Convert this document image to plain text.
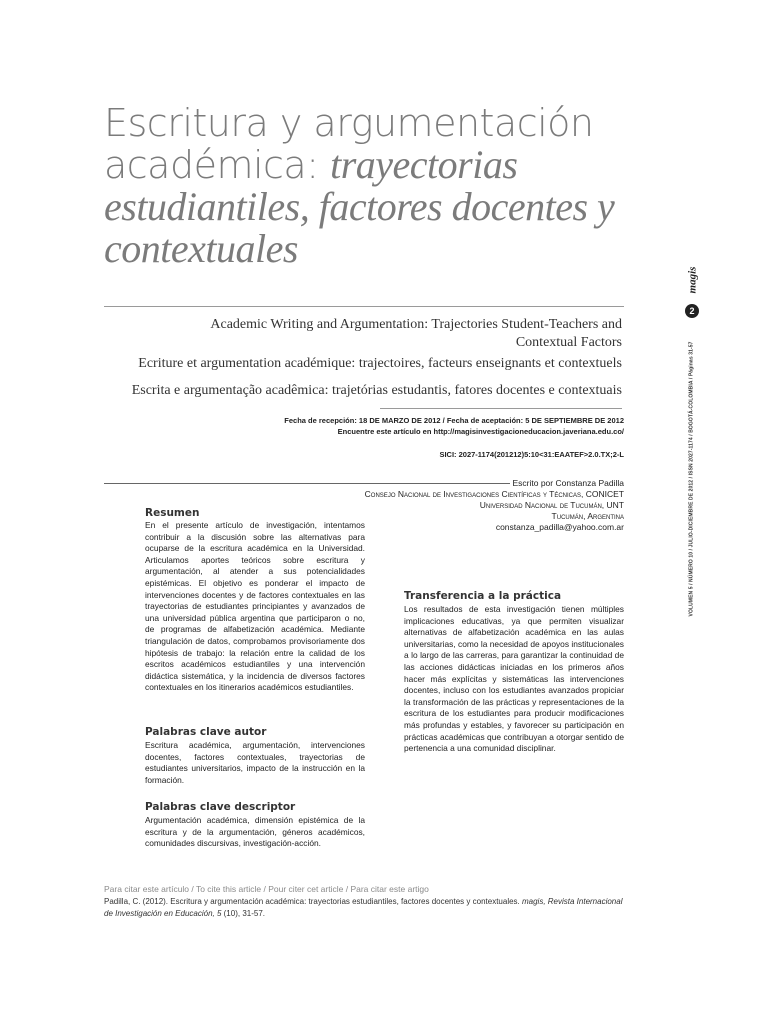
Escritura y argumentación académica: trayectorias estudiantiles, factores docentes y contextuales
Academic Writing and Argumentation: Trajectories Student-Teachers and Contextual Factors
Ecriture et argumentation académique: trajectoires, facteurs enseignants et contextuels
Escrita e argumentação acadêmica: trajetórias estudantis, fatores docentes e contextuais
Fecha de recepción: 18 DE MARZO DE 2012 / Fecha de aceptación: 5 DE SEPTIEMBRE DE 2012
Encuentre este artículo en http://magisinvestigacioneducacion.javeriana.edu.co/
SICI: 2027-1174(201212)5:10<31:EAATEF>2.0.TX;2-L
Escrito por Constanza Padilla
Consejo Nacional de Investigaciones Científicas y Técnicas, CONICET
Universidad Nacional de Tucumán, UNT
Tucumán, Argentina
constanza_padilla@yahoo.com.ar
Resumen
En el presente artículo de investigación, intentamos contribuir a la discusión sobre las alternativas para ocuparse de la escritura académica en la Universidad. Articulamos aportes teóricos sobre escritura y argumentación, al atender a sus potencialidades epistémicas. El objetivo es ponderar el impacto de intervenciones docentes y de factores contextuales en las trayectorias de estudiantes principiantes y avanzados de una universidad pública argentina que participaron o no, de programas de alfabetización académica. Mediante triangulación de datos, comprobamos provisoriamente dos hipótesis de trabajo: la relación entre la calidad de los escritos académicos estudiantiles y una intervención didáctica sistemática, y la incidencia de diversos factores contextuales en los itinerarios académicos estudiantiles.
Palabras clave autor
Escritura académica, argumentación, intervenciones docentes, factores contextuales, trayectorias de estudiantes universitarios, impacto de la instrucción en la formación.
Palabras clave descriptor
Argumentación académica, dimensión epistémica de la escritura y de la argumentación, géneros académicos, comunidades discursivas, investigación-acción.
Transferencia a la práctica
Los resultados de esta investigación tienen múltiples implicaciones educativas, ya que permiten visualizar alternativas de alfabetización académica en las aulas universitarias, como la necesidad de apoyos institucionales a lo largo de las carreras, para garantizar la continuidad de las acciones didácticas iniciadas en los primeros años hacer más explícitas y sistemáticas las intervenciones docentes, incluso con los estudiantes avanzados propiciar la transformación de las prácticas y representaciones de la escritura de los estudiantes para producir modificaciones más profundas y estables, y favorecer su participación en prácticas académicas que contribuyan a otorgar sentido de pertenencia a una comunidad disciplinar.
Para citar este artículo / To cite this article / Pour citer cet article / Para citar este artigo
Padilla, C. (2012). Escritura y argumentación académica: trayectorias estudiantiles, factores docentes y contextuales. magis, Revista Internacional de Investigación en Educación, 5 (10), 31-57.
magis
2
VOLUMEN 5 / NÚMERO 10 / JULIO-DICIEMBRE DE 2012 / ISSN 2027-1174 / BOGOTÁ-COLOMBIA / Páginas 31-57
